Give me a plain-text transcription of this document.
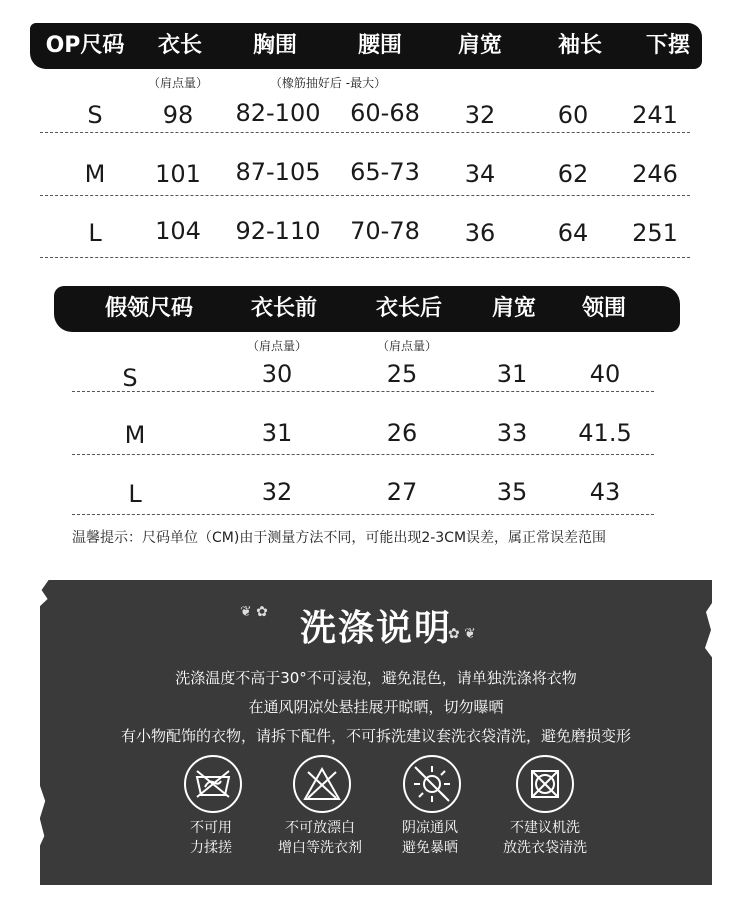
OP尺码	衣长	胸围	腰围	肩宽	袖长	下摆
（肩点量）	（橡筋抽好后 -最大）
S	98	82-100	60-68	32	60	241
M	101	87-105	65-73	34	62	246
L	104	92-110	70-78	36	64	251
假领尺码	衣长前	衣长后	肩宽	领围
（肩点量）	（肩点量）
S	30	25	31	40
M	31	26	33	41.5
L	32	27	35	43
温馨提示：尺码单位（CM)由于测量方法不同，可能出现2-3CM误差，属正常误差范围
❦ ✿
✿ ❦
洗涤说明
洗涤温度不高于30°不可浸泡，避免混色，请单独洗涤将衣物
在通风阴凉处悬挂展开晾晒，切勿曝晒
有小物配饰的衣物，请拆下配件，不可拆洗建议套洗衣袋清洗，避免磨损变形
不可用
力揉搓
不可放漂白
增白等洗衣剂
阴凉通风
避免暴晒
不建议机洗
放洗衣袋清洗
